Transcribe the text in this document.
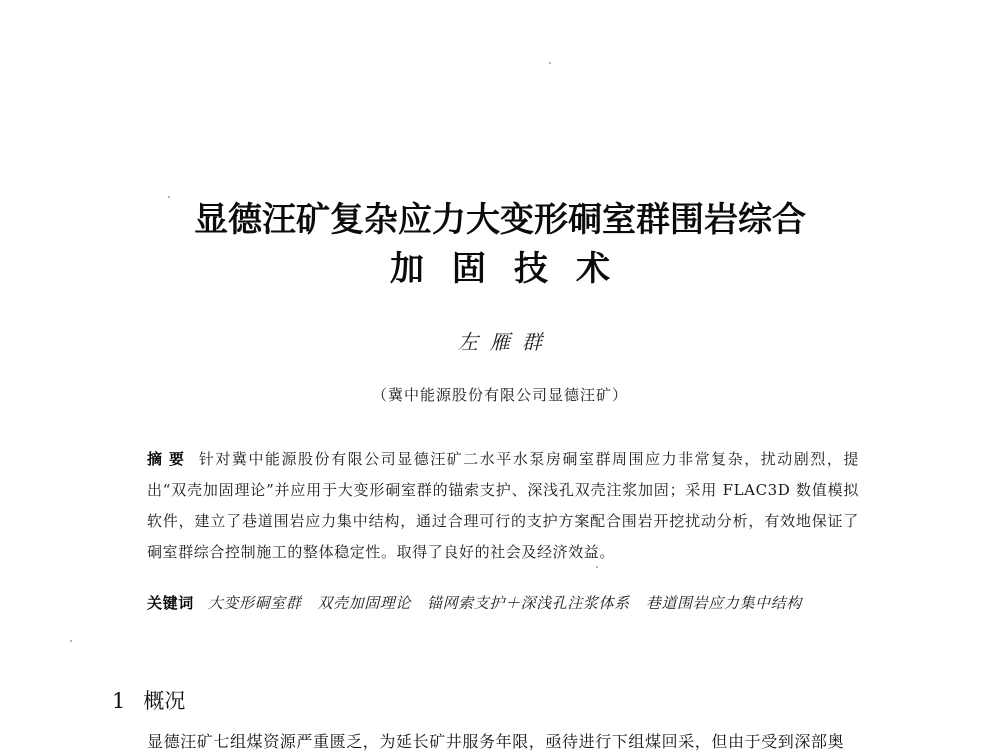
显德汪矿复杂应力大变形硐室群围岩综合
加固技术
左雁群
（冀中能源股份有限公司显德汪矿）
摘要 针对冀中能源股份有限公司显德汪矿二水平水泵房硐室群周围应力非常复杂，扰动剧烈，提出“双壳加固理论”并应用于大变形硐室群的锚索支护、深浅孔双壳注浆加固；采用 FLAC3D 数值模拟软件，建立了巷道围岩应力集中结构，通过合理可行的支护方案配合围岩开挖扰动分析，有效地保证了硐室群综合控制施工的整体稳定性。取得了良好的社会及经济效益。
关键词 大变形硐室群 双壳加固理论 锚网索支护＋深浅孔注浆体系 巷道围岩应力集中结构
1 概况
显德汪矿七组煤资源严重匮乏，为延长矿井服务年限，亟待进行下组煤回采，但由于受到深部奥
